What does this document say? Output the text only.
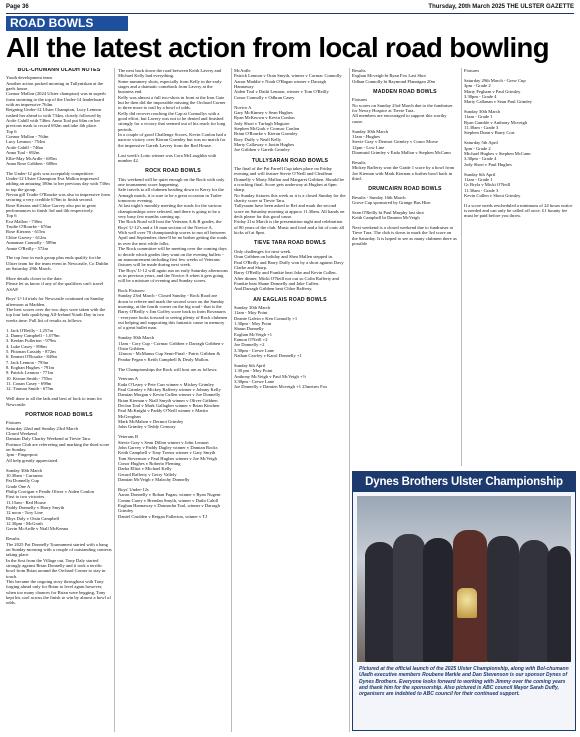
Page 36	Thursday, 20th March 2025 THE ULSTER GAZETTE
ROAD BOWLS
All the latest action from local road bowling
BOL-CHUMANN ULADH NOTES

Youth development team

Another action packed morning in Tullyniskan at the gaels house.

Connor Mallon (2024 Ulster champion) was in superb form storming to the top of the Under-14 leaderboard with an impressive 764m.

Reigning Under-12 Ulster Champion, Lucy Lennon rushed her ahead to with 734m, closely followed by Aoife Cahill with 746m. Anna Toal put 64m on her previous mark to record 692m and take 4th place.

Top 6

Connor Mallon - 764m

Lucy Lennon - 754m

Aoife Cahill - 746m

Anna Toal - 692m

Ellie-May McArdle - 685m

Anna Rose Gribben - 680m

The Under-12 girls was acceptably competitive.

Under-12 Ulster Champion Eva Mallon impressed adding an amazing 180m to her previous day with 730m to top the group.

Nevan gill Trudie O'Rourke was also in impressive form securing a very credible 676m to finish second.

Rose Kierans and Chloe Garvey also put in great performances to finish 3rd and 4th respectively.

Top 6

Eva Mallon - 730m

Trudie O'Rourke - 676m

Rose Kierans - 615m

Chloe Garvey - 612m

Annamae Connolly - 589m

Annie O'Reilly - 572m

The top four in each group plus ends qualify for the Ulster team for the team event in Newcastle, Co Dublin on Saturday 29th March.

More details closer to the date.

Please let us know if any of the qualifiers can't travel ASAP.

Boys' U-14 trials for Newcastle continued on Sunday afternoon at Madden.

The best scores over the two days were taken with the top four lads qualifying All-Ireland Youth Day in two weeks time. Full list of results as follows:

1. Jack O'Reilly - 1,257m

2. Danny Campbell - 1,079m

3. Keelan Fullerton - 979m

4. Luke Casey - 896m

5. Fhionan Cassidy - 872m

6. Emmet O'Rourke - 849m

7. Jack Lennon - 793m

8. Eoghan Hughes - 791m

9. Patrick Lennon - 771m

10. Kieran Smith - 755m

11. Conan Casey - 698m

12. Tiarnan Smith - 675m

Well done to all the lads and best of luck to team for Newcastle.

PORTMOR ROAD BOWLS

Fixtures

Saturday 22nd and Sunday 23rd March

Closed Weekend

Damian Daly Charity Weekend at Tievie Tara.

Portmor Club are refereeing and marking the third score on Sunday.

1pm - Fingerpost

All help greatly appreciated.

Sunday 30th March

10.30am - Curranns

Pat Donnelly Cup

Grade One A

Philip Corrigan v Peadir Oliver v Aiden Conlon

First to two victories.

11.15am - Red House

Paddy Donnelly v Harry Smyth

12 noon - Tory Line

Rhys Daly v Oisin Campbell

12.30pm - McGrath

Gavin McArdle v Niall McKenna

Results

The 2025 Pat Donnelly Tournament started with a bang on Sunday morning with a couple of outstanding contests taking place.

In the first from the Village out, Tony Daly started strongly against Brian Donnelly and it took a terrific bowl from Brian around the Orchard Corner to stay in touch.

This became the ongoing story throughout with Tony forging ahead only for Brian to level again however, when too many chances for Brian were begging, Tony kept his cool across the finish to win by almost a bowl of odds.

The next back down the road between Keith Lavery and Michael Kelly had everything.

Some nummery shots, especially from Kelly in the early stages and a dramatic comeback from Lavery at the business end.

Kelly was almost a full two-shots in front at the Iron Gate but he then did the impossible missing the Orchard Corner to three more to trail by a bowl of odds.

Kelly did recover reaching the Cap at Connollys with a good effort, but Lavery was not to be denied and finished strongly for a victory that seemed out of his reach for long periods.

In a couple of good Challenge Scores, Kevin Conlon had a narrow victory over Kieran Gormley but was no match for the impressive Gareth Lavery from the Red House.

Last week's Lotto winner was Cora McLoughlin with number 42.

ROCK ROAD BOWLS

This weekend will be quiet enough on the Rock with only one tournament score happening.

Safe travels to all clubmen heading down to Kerry for the Armagh match, it is sure to be a great occasion in Tralee tomorrow evening.

At last night's monthly meeting the roads for the various championships were selected, and there is going to be a very busy few months coming up.

The Rock Road will host the Veterans A & B grades, the Boys' U-12's and a 16 man section of the Novice A.

With well over 70 championship scores to run off between April and September, there'll be no bother getting the roads in over the next while folks.

The Rock committee will be meeting over the coming days to decide which grades they want on the evening bullets - an announcement including first few weeks of Veterans fixtures will be made during next week.

The Boys' U-12 will again run on early Saturday afternoons as in previous years, and the Novice A when it gets going will be a mixture of evening and Sunday scores.

Rock Fixtures:

Sunday 23rd March - Closed Sunday - Rock Road are down to referee and mark the second score on the Sunday morning, at the fourth corner on the big road - that is the Barry O'Reilly v Jim Goffey score back in from Rovanarrs - everyone looks forward to seeing plenty of Rock clubmen out helping and supporting this fantastic cause in memory of a great bullet man.

Sunday 30th March

11am - Cory Cup - Cormac Gribben v Darragh Gribben v Oisin Gribben.

12noon - McManus Cup Semi-Final - Patric Gribben & Peadar Fegan v Keith Campbell & Dealy Mallon.

The Championships the Rock will host are as follows:

Veterans A

Eada O'Leary v Pete Carr winner v Mickey Grimley

Paul Grimley v Mickey Rafferty winner v Johnny Kelly

Damian Morgan v Kevin Cullen winner v Joe Donnelly

Brian Kiernan v Niall Smyth winner v Oliver Gribben

Declan Toal v Mark Gallagher winner v Brian Kinchen

Paul McKnight v Paddy O'Neill winner v Martin McGeoghan

Mark McMahon v Dermot Grimley

John Grimley v Teddy Conway

Veterans B

Stevie Gray v Sean Dillon winner v John Lennon

John Garvey v Paddy Dagley winner v Damian Rocks

Keith Campbell v Tony Trenor winner v Gary Smyth

Tom Stevenson v Paul Hughes winner v Joe McVeigh

Conor Hughes v Roberto Fleming

Darba Elliot v Michael Kelly

Gerard Rafferty v Gerry Vallely

Damian McVeigh v Malachy Donnelly

Boys' Under-12s

Aaron Donnelly v Rohan Fagan, winner v Ryan Nugent

Comm Carey v Brendan Smyth, winner v Dathi Cahill

Eoghan Hannaway v Donnacha Toal, winner v Darragh Grimley

Daniel Crudden v Reigan Fullerton, winner v TJ

McArdle

Patrick Lennon v Oran Smyth, winner v Cormac Connolly

Aaron Maddie v Noah O'Hagan winner v Darragh Hannaway

Aiden Toal v Dathi Lennon, winner v Tom O'Reilly

Conor Connolly v Odhran Casey

Novice A

Gary McKinney v Sean Hughes

Ryan McKeown v Kevin Conlon

Jody Short v Turlagh Maguire

Stephen McGurk v Cormac Conlon

Brian O'Rourke v Kieran Gormley

Rory Duffy v Neall Kelly

Marty Callaway v Justin Hughes

Joe Gribben v Gareth Grimley

TULLYSARAN ROAD BOWLS

The final of the Pat Farrell Cup takes place on Friday evening and will feature Stevie O'Neill and Cleaffean Donnelly v Marty Mallon and Margaret Gribben. Should be a cracking final. Score gets underway at Hughes at 6pm sharp.

No Sunday fixtures this week as it is a closed Sunday for the charity score at Tievie Tara.

Tullysaran have been asked to Ref and mark the second score on Saturday morning at approx 11.30am. All hands on deck please for this good cause.

Friday 21st March is the presentation night and celebration of 80 years of the club. Music and food and a bit of craic all kicks off at 8pm.

TIEVE TARA ROAD BOWLS

Only challenges for next week.

Oran Gribben on holiday and Shea Mallen stepped in.

Paul O'Reilly and Barry Duffy won by a short against Davy Clarke and Sharp.

Barry O'Reilly and Frankie beat Jake and Kevin Cullen.

After dinner, Micki O'Neill not out so Colin Rafferty and Frankie beat Shane Donnelly and Jake Cullen.

And Darragh Gribben beat Chloe Rafferty.

AN EAGLAIS ROAD BOWLS

Sunday 30th March

11am - Moy Point

Deanie Galvin v Ken Connolly +1

1.30pm - Moy Point

Shaun Donnelly

Eoghan McVeigh +1

Eamon O'Neill +2

Joe Donnelly +2

3.30pm - Crewe Lane

Nathan Cawley v Karol Donnelly +1

Sunday 6th April

1.30 pm - Moy Point

Anthony McVeigh v Paul McVeigh +½

3.30pm - Crewe Lane

Joe Donnelly v Damien Mcveigh +1 25metres Fox

Results

Eoghan Mcveigh bt Ryan Fox Last Shot

Odhan Connolly bt Raymond Flannigan 20m

MADDEN ROAD BOWLS

Fixtures

No scores on Sunday 23rd March due to the fundraiser for Newry Hospice at Tievie Tara.

All members are encouraged to support this worthy cause.

Sunday 30th March

11am - Hughes

Stevie Gray v Dermot Grimley v Conor Morse

12pm - Low Line

Diarmuid Grimley v Eada Mallon v Stephen McCann

Results

Mickey Rafferty won the Grade 1 score by a bowl from Joe Kiernan with Mark Kiernan a further bowl back in third.

DRUMCAIRN ROAD BOWLS

Results - Sunday 16th March

Grove Cup sponsored by Grange Bus Hire:

Sean O'Reilly bt Paul Murphy last shot

Keith Campbell bt Damien McVeigh

Next weekend is a closed weekend due to fundraiser at Tieve Tara. The club is down to mark the 3rd score on the Saturday. It is hoped to see as many clubmen there as possible

Fixtures

Saturday 29th March - Grew Cup

3pm - Grade 2

Marty Fegham v Paul Grimley

3.30pm - Grade 4

Marty Callanan v Sean Paul Grimley

Sunday 30th March

11am - Grade 1

Ryan Gamble v Anthony Mcveigh

11.30am - Grade 3

Stephen Dunn v Barry Corr

Saturday 5th April

3pm - Grade 2

Michael Hughes v Stephen McCann

3.30pm - Grade 4

Jody Short v Paul Hughes

Sunday 6th April

11am - Grade 1

Gr Bryla v Micki O'Neill

11.30am - Grade 3

Kevin Cullen v Shoot Grimley

If a score needs rescheduled a minimum of 24 hours notice is needed and can only be called off once. £1 bounty fee must be paid before you throw.

Dynes Brothers Ulster Championship
Pictured at the official launch of the 2025 Ulster Championship, along with Bol-chumann Uladh executive members Roubene Markle and Dan Stevenson is our sponsor Dynes of Dynes Brothers. Everyone looks forward to working with Jimmy over the coming years and thank him for the sponsorship. Also pictured is ABC council Mayor Sarah Duffy, organisers are indebted to ABC council for their continued support.
